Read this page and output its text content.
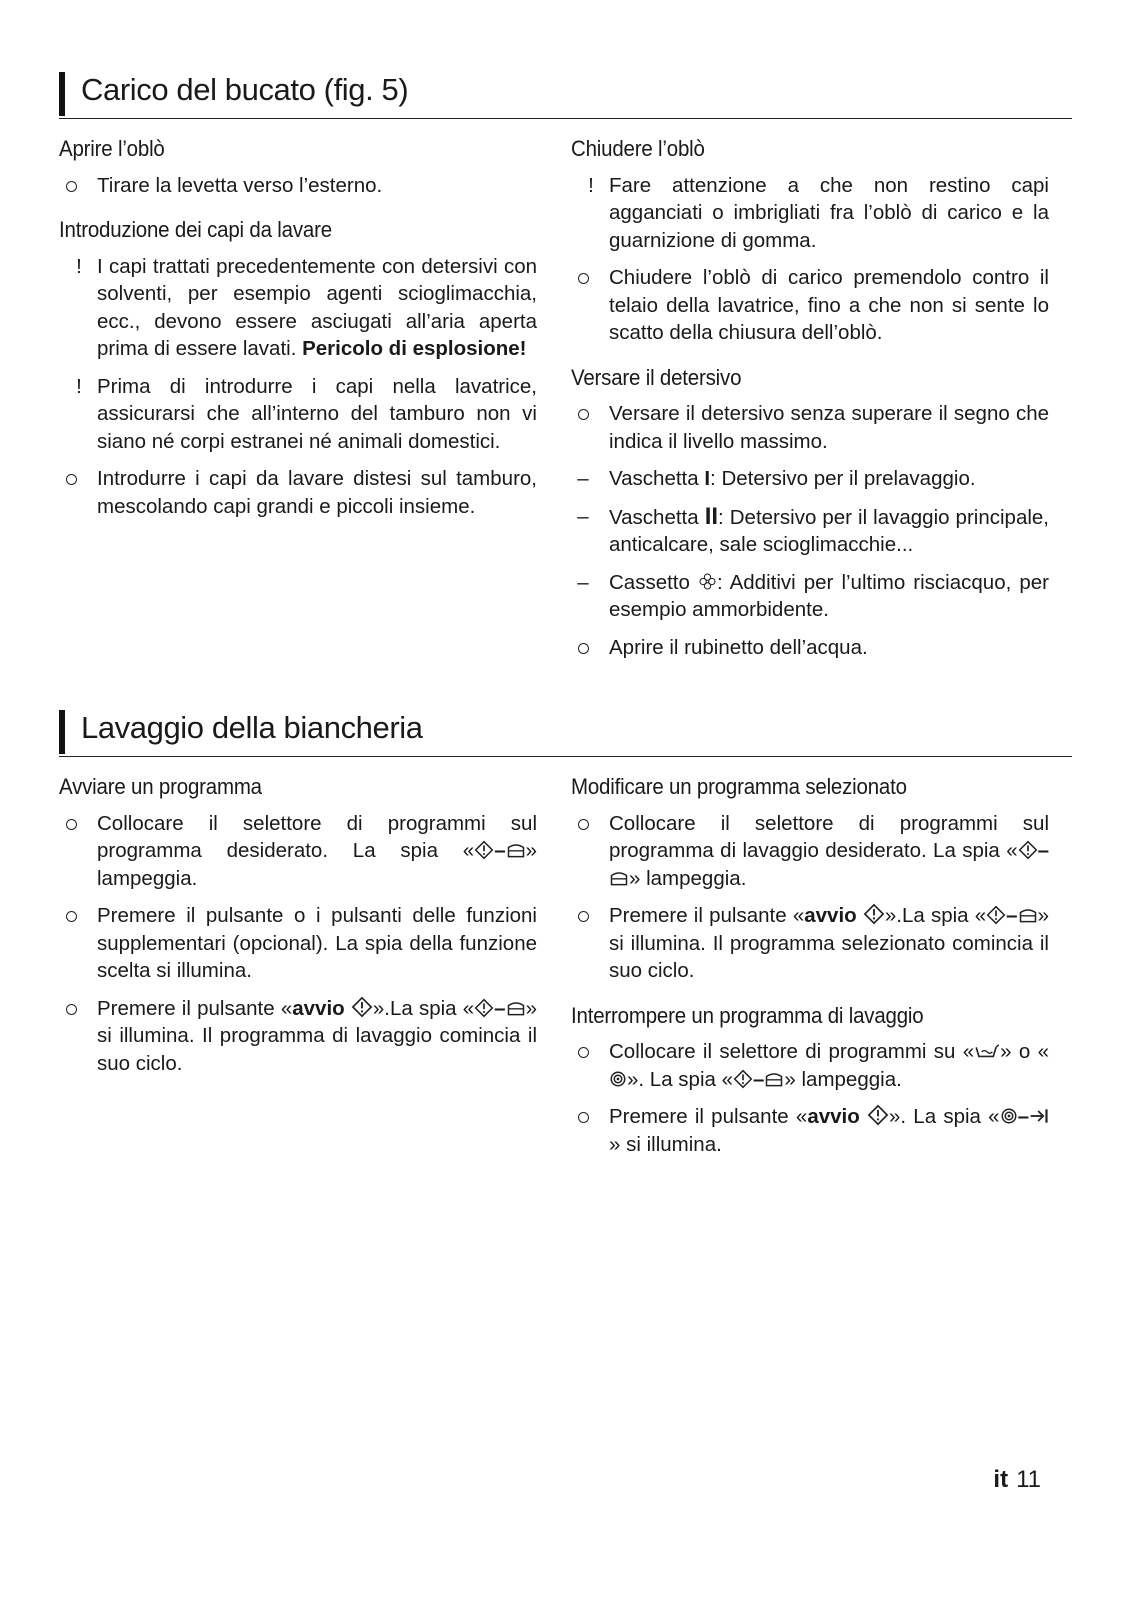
Carico del bucato (fig. 5)
Aprire l’oblò
Tirare la levetta verso l’esterno.
Introduzione dei capi da lavare
! I capi trattati precedentemente con detersivi con solventi, per esempio agenti scioglimacchia, ecc., devono essere asciugati all’aria aperta prima di essere lavati. Pericolo di esplosione!
! Prima di introdurre i capi nella lavatrice, assicurarsi che all’interno del tamburo non vi siano né corpi estranei né animali domestici.
Introdurre i capi da lavare distesi sul tamburo, mescolando capi grandi e piccoli insieme.
Chiudere l’oblò
! Fare attenzione a che non restino capi agganciati o imbrigliati fra l’oblò di carico e la guarnizione di gomma.
Chiudere l’oblò di carico premendolo contro il telaio della lavatrice, fino a che non si sente lo scatto della chiusura dell’oblò.
Versare il detersivo
Versare il detersivo senza superare il segno che indica il livello massimo.
– Vaschetta I: Detersivo per il prelavaggio.
– Vaschetta II: Detersivo per il lavaggio principale, anticalcare, sale scioglimacchie...
– Cassetto : Additivi per l’ultimo risciacquo, per esempio ammorbidente.
Aprire il rubinetto dell’acqua.
Lavaggio della biancheria
Avviare un programma
Collocare il selettore di programmi sul programma desiderato. La spia « – » lampeggia.
Premere il pulsante o i pulsanti delle funzioni supplementari (opcional). La spia della funzione scelta si illumina.
Premere il pulsante «avvio ».La spia « – » si illumina. Il programma di lavaggio comincia il suo ciclo.
Modificare un programma selezionato
Collocare il selettore di programmi sul programma di lavaggio desiderato. La spia « –» lampeggia.
Premere il pulsante «avvio ».La spia « – » si illumina. Il programma selezionato comincia il suo ciclo.
Interrompere un programma di lavaggio
Collocare il selettore di programmi su « » o «». La spia « – » lampeggia.
Premere il pulsante «avvio ». La spia « –» si illumina.
it 11
